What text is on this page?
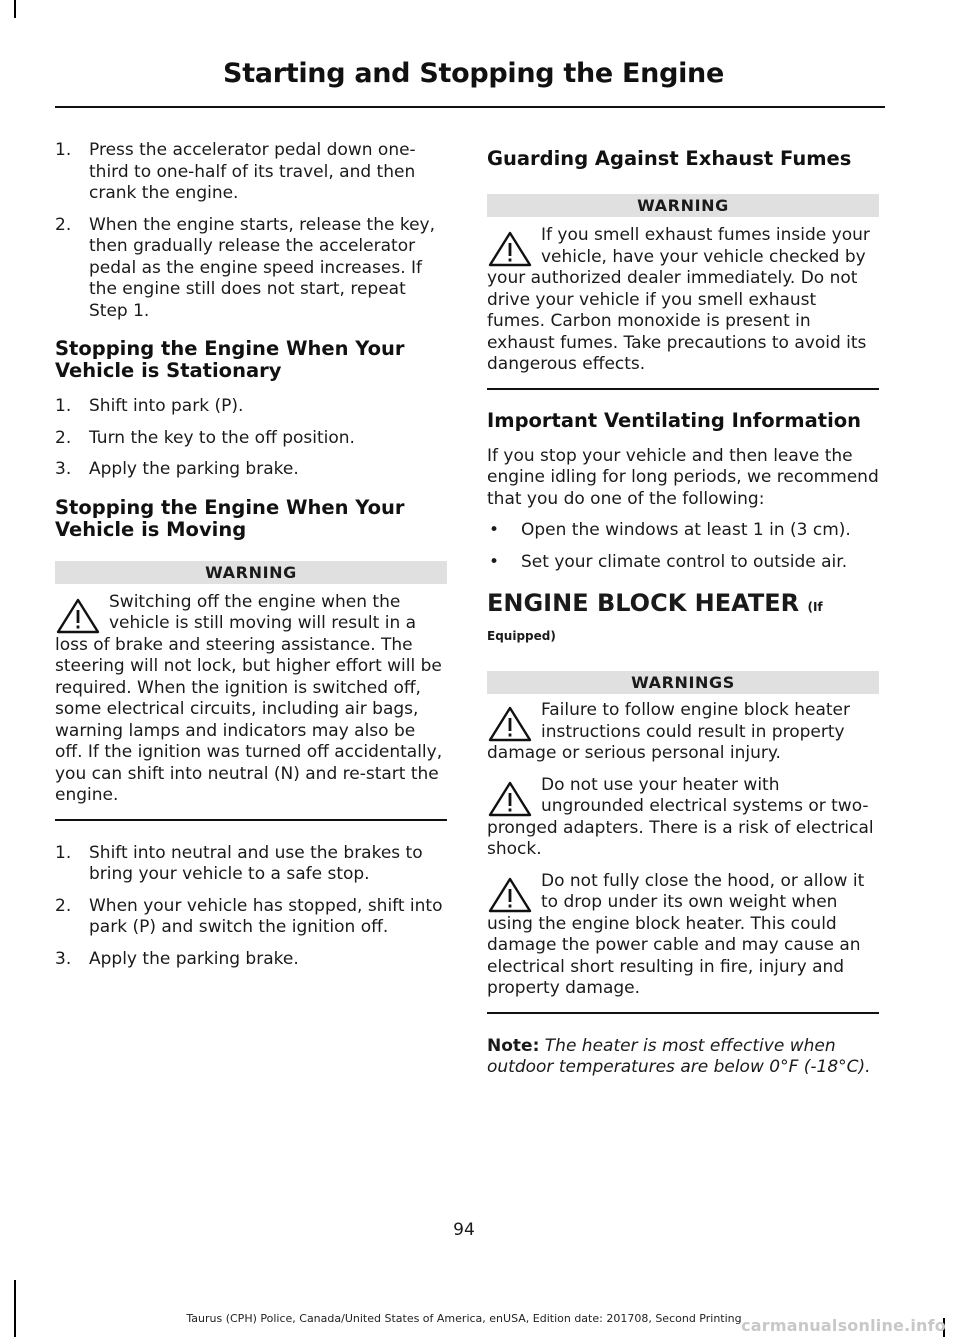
Starting and Stopping the Engine
1. Press the accelerator pedal down one-third to one-half of its travel, and then crank the engine.
2. When the engine starts, release the key, then gradually release the accelerator pedal as the engine speed increases. If the engine still does not start, repeat Step 1.
Stopping the Engine When Your Vehicle is Stationary
1. Shift into park (P).
2. Turn the key to the off position.
3. Apply the parking brake.
Stopping the Engine When Your Vehicle is Moving
WARNING

Switching off the engine when the vehicle is still moving will result in a loss of brake and steering assistance. The steering will not lock, but higher effort will be required. When the ignition is switched off, some electrical circuits, including air bags, warning lamps and indicators may also be off. If the ignition was turned off accidentally, you can shift into neutral (N) and re-start the engine.

1. Shift into neutral and use the brakes to bring your vehicle to a safe stop.
2. When your vehicle has stopped, shift into park (P) and switch the ignition off.
3. Apply the parking brake.
Guarding Against Exhaust Fumes
WARNING

If you smell exhaust fumes inside your vehicle, have your vehicle checked by your authorized dealer immediately. Do not drive your vehicle if you smell exhaust fumes. Carbon monoxide is present in exhaust fumes. Take precautions to avoid its dangerous effects.

Important Ventilating Information

If you stop your vehicle and then leave the engine idling for long periods, we recommend that you do one of the following:

• Open the windows at least 1 in (3 cm).
• Set your climate control to outside air.
ENGINE BLOCK HEATER (If
Equipped)
WARNINGS

Failure to follow engine block heater instructions could result in property damage or serious personal injury.

Do not use your heater with ungrounded electrical systems or two-pronged adapters. There is a risk of electrical shock.

Do not fully close the hood, or allow it to drop under its own weight when using the engine block heater. This could damage the power cable and may cause an electrical short resulting in fire, injury and property damage.

Note: The heater is most effective when outdoor temperatures are below 0°F (-18°C).

94
Taurus (CPH) Police, Canada/United States of America, enUSA, Edition date: 201708, Second Printing carmanualsonline.info
